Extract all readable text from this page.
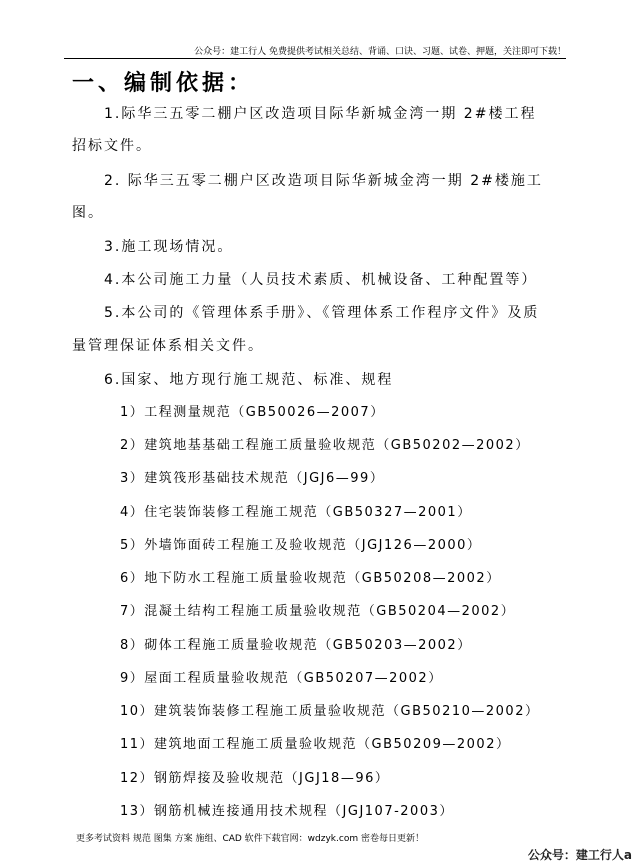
公众号：建工行人 免费提供考试相关总结、背诵、口诀、习题、试卷、押题，关注即可下载！
一、编制依据：
1.际华三五零二棚户区改造项目际华新城金湾一期 2#楼工程
招标文件。
2. 际华三五零二棚户区改造项目际华新城金湾一期 2#楼施工
图。
3.施工现场情况。
4.本公司施工力量（人员技术素质、机械设备、工种配置等）
5.本公司的《管理体系手册》、《管理体系工作程序文件》及质
量管理保证体系相关文件。
6.国家、地方现行施工规范、标准、规程
1）工程测量规范（GB50026—2007）
2）建筑地基基础工程施工质量验收规范（GB50202—2002）
3）建筑筏形基础技术规范（JGJ6—99）
4）住宅装饰装修工程施工规范（GB50327—2001）
5）外墙饰面砖工程施工及验收规范（JGJ126—2000）
6）地下防水工程施工质量验收规范（GB50208—2002）
7）混凝土结构工程施工质量验收规范（GB50204—2002）
8）砌体工程施工质量验收规范（GB50203—2002）
9）屋面工程质量验收规范（GB50207—2002）
10）建筑装饰装修工程施工质量验收规范（GB50210—2002）
11）建筑地面工程施工质量验收规范（GB50209—2002）
12）钢筋焊接及验收规范（JGJ18—96）
13）钢筋机械连接通用技术规程（JGJ107-2003）
更多考试资料 规范 图集 方案 施组、CAD 软件下载官网：wdzyk.com 密卷每日更新！
公众号：建工行人a
